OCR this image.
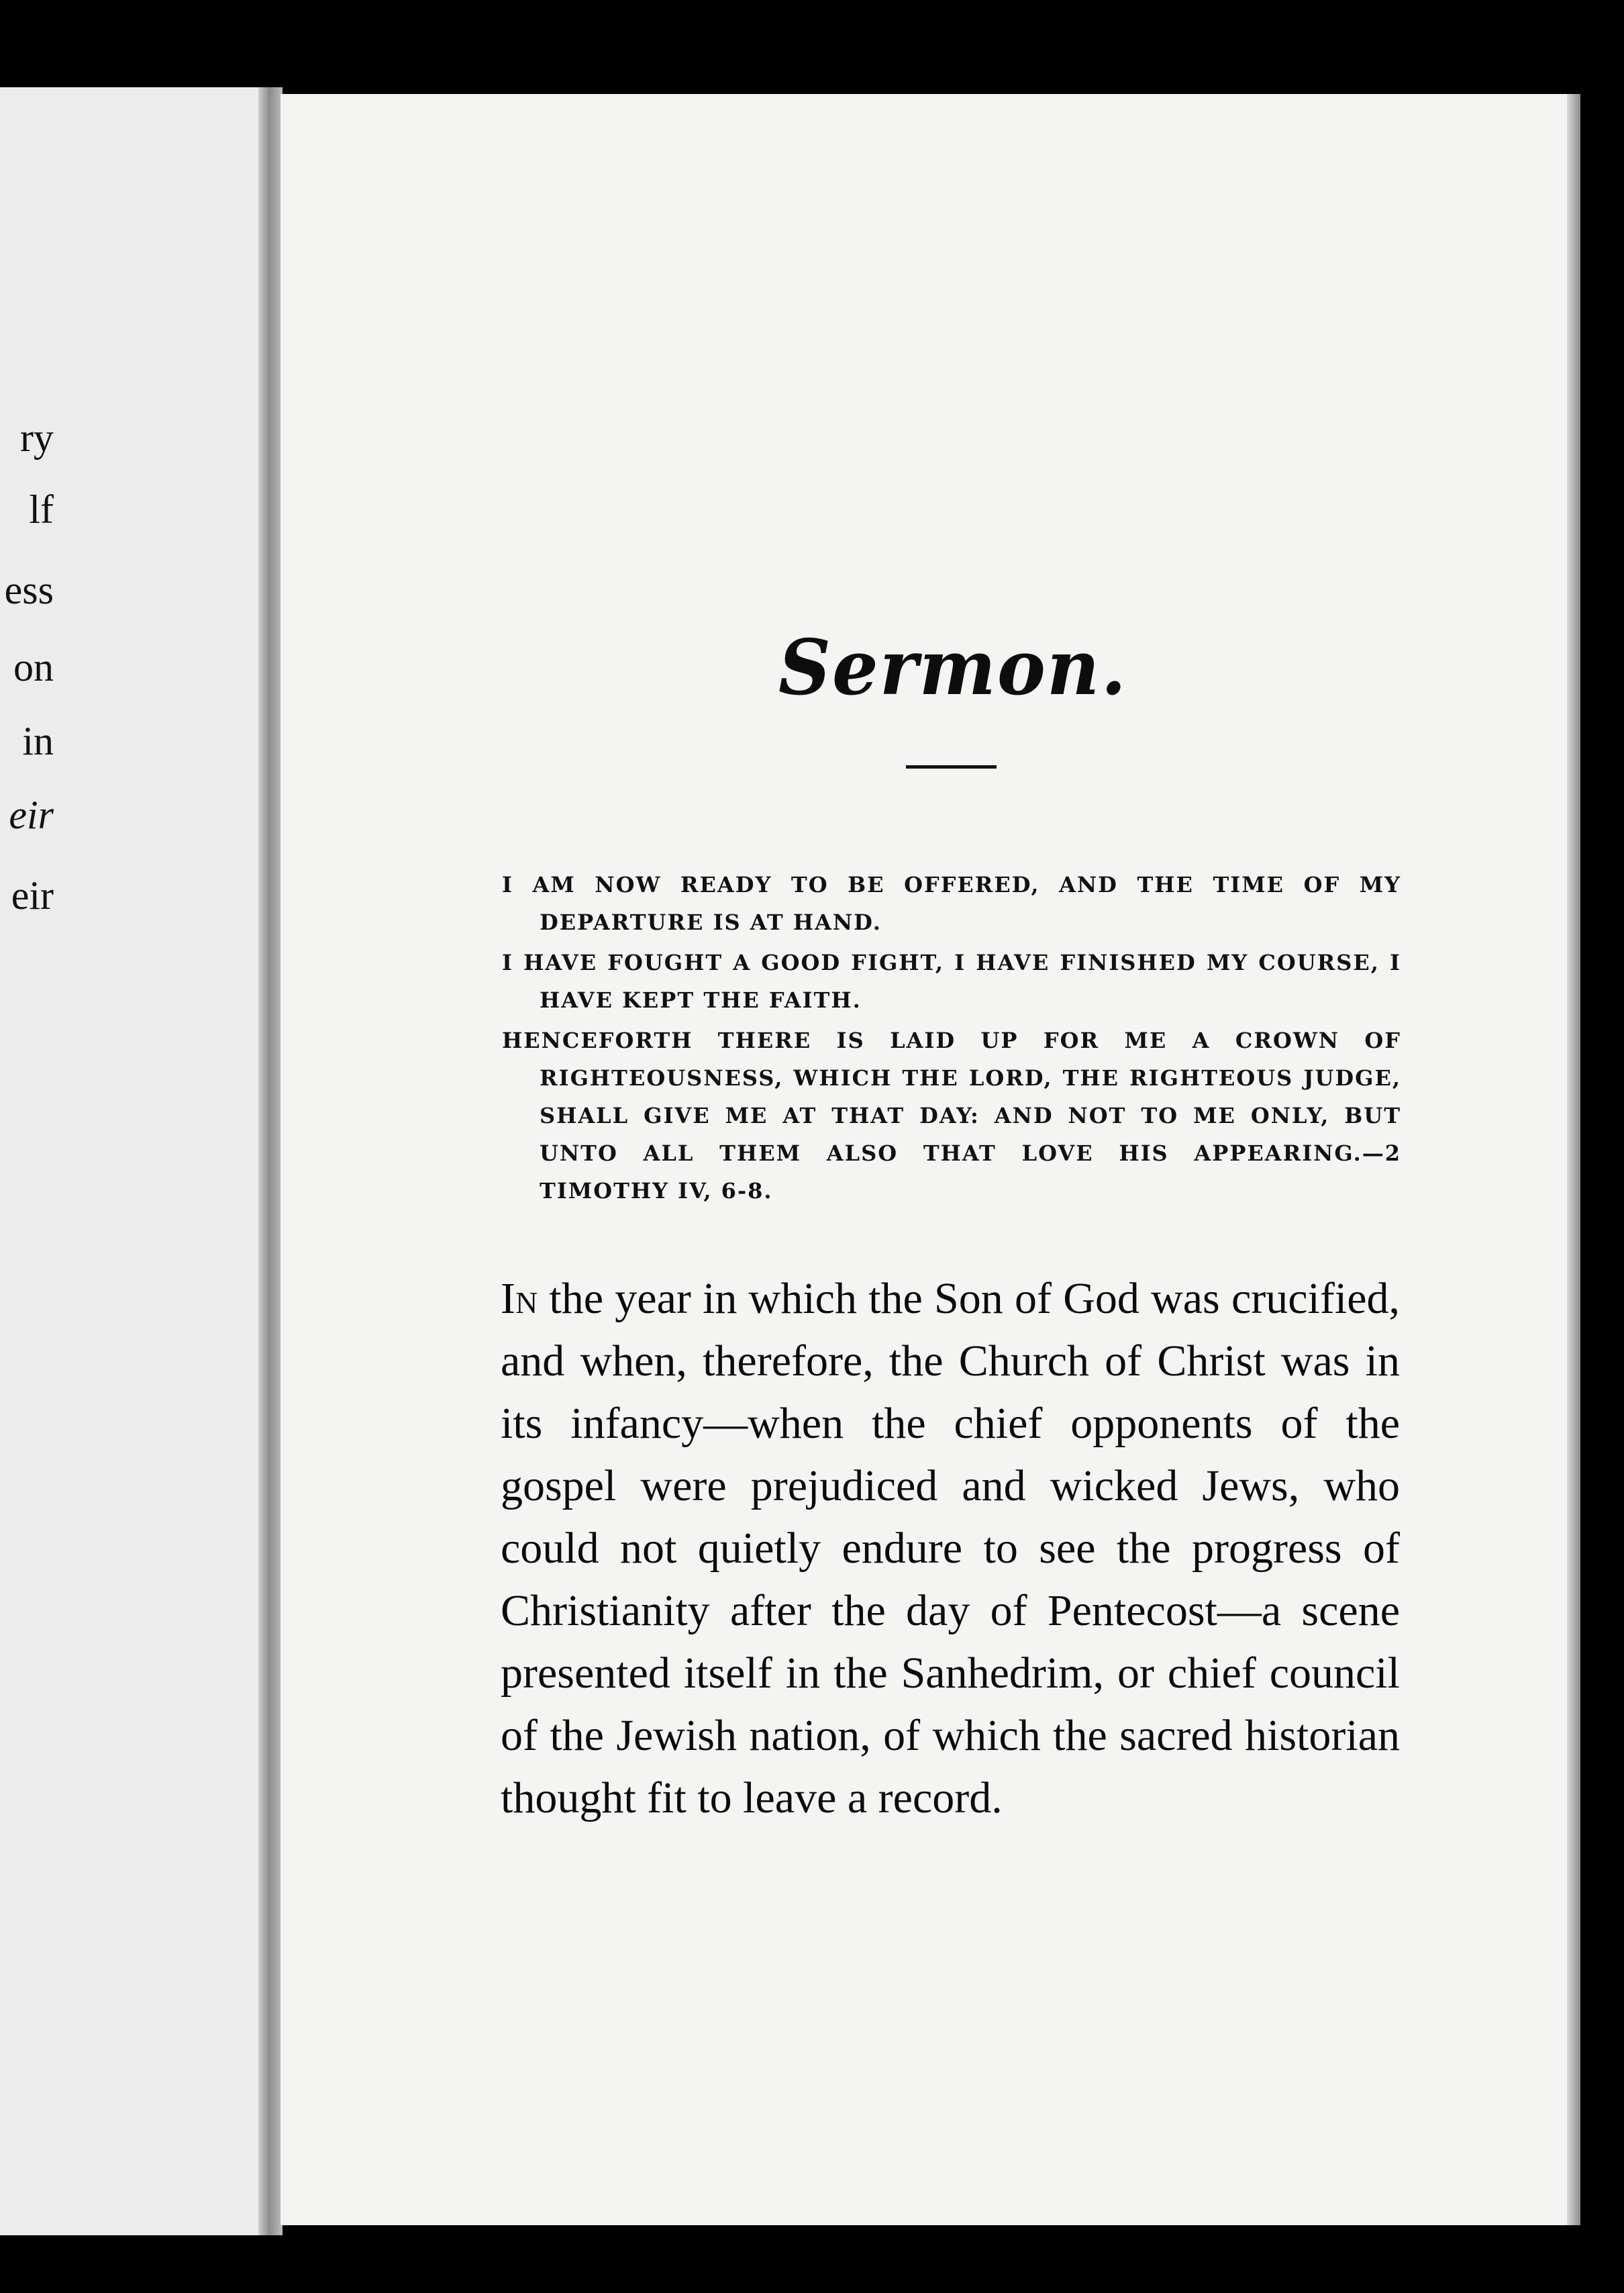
ry
lf
ess
on
in
eir
eir
Sermon.

I AM NOW READY TO BE OFFERED, AND THE TIME OF MY DEPARTURE IS AT HAND.

I HAVE FOUGHT A GOOD FIGHT, I HAVE FINISHED MY COURSE, I HAVE KEPT THE FAITH.

HENCEFORTH THERE IS LAID UP FOR ME A CROWN OF RIGHTEOUSNESS, WHICH THE LORD, THE RIGHTEOUS JUDGE, SHALL GIVE ME AT THAT DAY: AND NOT TO ME ONLY, BUT UNTO ALL THEM ALSO THAT LOVE HIS APPEARING.—2 TIMOTHY IV, 6-8.

In the year in which the Son of God was crucified, and when, therefore, the Church of Christ was in its infancy—when the chief opponents of the gospel were prejudiced and wicked Jews, who could not quietly endure to see the progress of Christianity after the day of Pentecost—a scene presented itself in the Sanhedrim, or chief council of the Jewish nation, of which the sacred historian thought fit to leave a record.
